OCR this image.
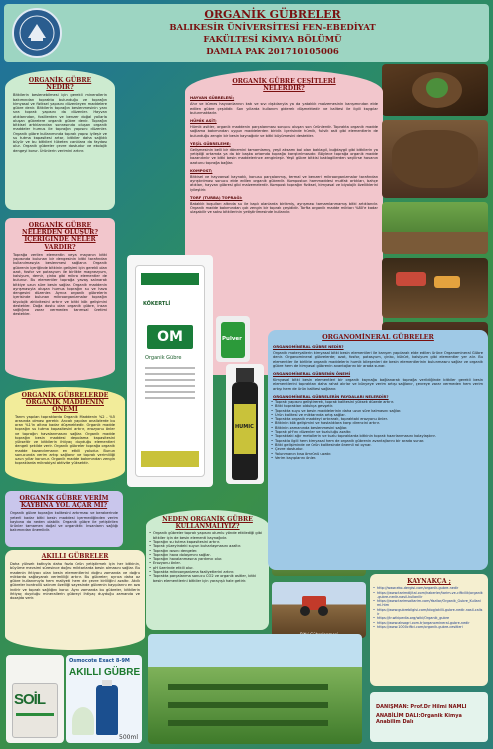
ORGANİK GÜBRELER
BALIKESİR ÜNİVERSİTESİ FEN-EBEDİYAT
FAKÜLTESİ KİMYA BÖLÜMÜ
DAMLA PAK 201710105006
ORGANİK GÜBRE NEDİR?
Bitkilerin beslenebilmesi için gerekli minerallerin bakımından toprakta bulunduğu ve toprağın kimyasal ve fiziksel yapısını düzenleyen maddelere gübre denir. Bitkilerin toprağın beslenmesinin yanı sıra toprak yapısını da düzenler. Hayvan atıklarından, fosillerden ve benzer doğal yollarla oluşan gübrelere organik gübre denir. Toprağın bitkisel artıklarından sonrasında oluşan organik maddeler humus ile toprağın yapısını düzenler. Organik gübre kullanımında toprak yapısı iyileşir ve su tutma kapasitesi artar, bitkiler daha sağlıklı büyür ve bu bitkileri tüketen canlılara da faydası olur. Organik gübreler çevre dostudur ve ekolojik dengeyi korur. Ürünlerin verimini artırır.
ORGANİK GÜBRE NELERDEN OLUŞUR? İÇERİĞİNDE NELER VARDIR?
Toprağa verilen elementin veya mayanın bitki yapısında bulunan bir dengesinin bitki tarafından kullanılmasıyla beslenmesi sağlanır. Organik gübrenin içeriğinde bitkinin gelişimi için gerekli olan azot, fosfor ve potasyum ile birlikte magnezyum, kalsiyum, demir, çinko gibi mikro elementler de bulunur. Bu elementler toprağa yavaş salınarak bitkiye uzun süre besin sağlar. Organik maddenin ayrışmasıyla oluşan humus toprağın su ve hava dengesini düzenler. Ayrıca organik gübrelerin içerisinde bulunan mikroorganizmalar toprağın biyolojik aktivitesini artırır ve bitki kök gelişimini destekler. Doğa dostu olan organik gübre, insan sağlığına zarar vermeden tarımsal üretimi destekler.
ORGANİK GÜBRELERDE ORGANİK MADDENİN ÖNEMİ
Tarım yapılan topraklarda Organik Maddenin %2 - %5 arasında olması gerekir. Ancak yapılan analizlerde bu oran %1'in altına kadar düşmektedir. Organik madde toprağın su tutma kapasitesini artırır, erozyonu önler ve toprağın havalanmasını sağlar. Organik madde toprağın besin maddesi depolama kapasitesini yükseltir ve bitkilerin ihtiyaç duyduğu elementleri dengeli şekilde verir. Organik gübreler toprağa organik madde kazandırmanın en etkili yoludur. Bunun sonucunda verim artışı sağlanır ve toprak verimliliği uzun yıllar korunur. Organik madde bakımından zengin topraklarda mikrobiyal aktivite yüksektir.
ORGANİK GÜBRE VERİM KAYBINA YOL AÇAR MI?
Organik gübre toprağın kalitesini artırması ve beraberinde yeterli kadar bitki besin maddesi içermediğinden verim kaybına da neden olabilir. Organik gübre ile yetiştirilen ürünler tamamen doğal ve organiktir. İnsanların sağlığı bakımından önemlidir.
AKILLI GÜBRELER
Daha yüksek katkıyla daha fazla ürün yetiştirmek için her bitkinin, büyüme mevsimi süresince doğru miktarlarda besin almasını sağlar. Bu madenin ihtiyacı olan besin elementlerini doğru zamanda ve doğru miktarda sağlayarak verimliliği artırır. Bu gübreler; ayrıca daha az gübre kullanımıyla hem maliyeti hem de çevre kirliliğini azaltır. Akıllı gübreler kontrollü salınım özelliği sayesinde gübrenin kayıplarını en aza indirir ve toprak sağlığını korur. Aynı zamanda bu gübreler, bitkilerin ihtiyaç duyduğu minerallerin gübreyi ihtiyaç duyduğu zamanda ve dozajda verir.
SOİL
Osmocote Exact 8-9M
AKILLI GÜBRE
500ml
ORGANİK GÜBRE ÇEŞİTLERİ NELERDİR?
HAYVAN GÜBRELERİ;
Ahır ve kümes hayvanlarının katı ve sıvı dışkılarıyla ya da yataklık malzemesinin karışımından elde edilen gübre çeşididir. Son yıllarda kullanım giderek düşmektedir ve kalitesi ile ilgili kaygılar bulunmaktadır.
HÜMİK ASİT;
Hümik asitler, organik maddenin parçalanması sonucu oluşan son ürünlerdir. Toprakta organik madde sağlama bakımından uygun maddelerden biridir. İçerisinde hümik, fulvik asit gibi elementlerin de bulunduğu zengin bir besin kaynağıdır ve bitki büyümesini destekler.
YEŞİL GÜBRELEME;
Gelişmesinin belli bir dönemini tamamlamış, yeşil aksamı bol olan baklagil, buğdaygil gibi bitkilerin ya yetiştiği ortamda ya da bir başka ortamda toprağa karıştırılmasıdır. Böylece toprağa organik madde kazandırılır ve bitki besin maddelerince zenginleşir. Yeşil gübre bitkisi baklagillerden seçilirse havanın azotunu toprağa bağlar.
KOMPOST;
Bitkisel ve hayvansal kaynaklı, konusu parçalanmış, termal ve benzeri mikroorganizmalar tarafından ayrıştırılması sonucu elde edilen organik gübredir. Kompostun hammaddesi mutfak artıkları, bahçe atıkları, hayvan gübresi gibi malzemelerdir. Kompost toprağın fiziksel, kimyasal ve biyolojik özelliklerini iyileştirir.
TORF (TURBA) TOPRAĞI:
Bataklık koşulları altında su ile kaplı alanlarda birikmiş, ayrışması tamamlanmamış bitki artıklarıdır. Organik madde bakımından çok zengin bir toprak çeşididir. Torfta organik madde miktarı %80'e kadar ulaşabilir ve saksı bitkilerinin yetiştirilmesinde kullanılır.
KÖKERTLİ
OM
Organik Gübre
Pulver
HUMIC
NEDEN ORGANİK GÜBRE KULLANMALIYIZ?
• Organik gübreler toprak yapısını olumlu yönde etkilediği gibi bitkiler için de besin elementi kaynağıdır.
• Toprağın su tutma kapasitesini artırır.
• Toprak yüzeyindeki suyun buharlaşmasını azaltır.
• Toprağın ısısını dengeler.
• Toprağın hava dolaşımını sağlar.
• Toprağın havalanmasına yardımcı olur.
• Erozyonu önler.
• pH üzerinde etkili olur.
• Toprakta mikroorganizma faaliyetlerini artırır.
• Toprakta parçalanma sonucu CO2 ve organik asitler, bitki besin elementlerini bitkiler için yarayışlı hale getirir.
ORGANOMİNERAL GÜBRELER
ORGANOMİNERAL GÜBRE NEDİR?
Organik materyallerin kimyasal bitki besin elementleri ile karışım yapılarak elde edilen ürüne Organomineral Gübre denir. Organomineral gübrelerde; azot, fosfor, potasyum, çinko, kükürt, kalsiyum gibi elementler yer alır. Bu elementler ile birlikte organik maddelerin humik bileşenleri de besin elementlerinin bulunmasını sağlar ve organik gübre hem de kimyasal gübrenin avantajlarını bir arada sunar.
ORGANOMİNERAL GÜBRENİN ÖNEMİ
Kimyasal bitki besin elementleri bir organik kaynağa bağlanarak toprağa verildiğinde bitkiler gerekli besin elementlerini topraktan daha rahat alırlar ve bünyeye verim artışı sağlanır, çevreye zarar vermeden hem verim artışı hem de ürün kalitesi sağlanır.
ORGANOMİNERAL GÜBRELERİN FAYDALARI NELERDİR?
• Toprak yapısını geliştirerek, toprak kalitesini yüksek düzede artırır.
• Bitki toprakları oldukça gevşetir.
• Toprakta suyu ve besin maddelerinin daha uzun süre kalmasını sağlar.
• Ürün kalitesi ve miktarında artış sağlar.
• Toprakta organik maddeyi artırarak, topraktaki erozyonu önler.
• Bitkinin kök gelişimini ve hastalıklara karşı direncini artırır.
• Bitkinin zamanında beslenmesini sağlar.
• Toprak pH'ını düzenler ve tuzluluğu azaltır.
• Topraktaki ağır metallerin ve tuzlu topraklarda bitkinin toprak hazırlanmasını kolaylaştırır.
• Toprakla ilgili hem kimyasal hem de organik gübrenin avantajlarını bir arada sunar.
• Bitki gelişiminde ve ürün kalitesinde önemli rol oynar.
• Çevre dostudur.
• Yolunmanın kısa ömrünü uzatır.
• Verim kayıplarını önler.
KAYNAKÇA ;
• http://www.eko-dergisi.com/organik-gubre-nedir
• https://www.tarimdijital.com/haberler/tarim-ve-ciftcilik/organik-gubre-nedir-nasil-kullanilir
• https://www.tarimsaltarim.com/Yazilar/Organik_Gubre_Kullanimi.htm
• https://www.gubrebilgisi.com/blog/akilli-gubre-nedir-nasil-calisir
• https://tr.wikipedia.org/wiki/Organik_gubre
• https://www.aksagri.com.tr/organomineral-gubre-nedir
• https://www.1000ciftci.com/organik-gubre-cesitleri
DANIŞMAN: Prof.Dr Hilmi NAMLI
ANABİLİM DALI:Organik Kimya Anabilim Dalı
